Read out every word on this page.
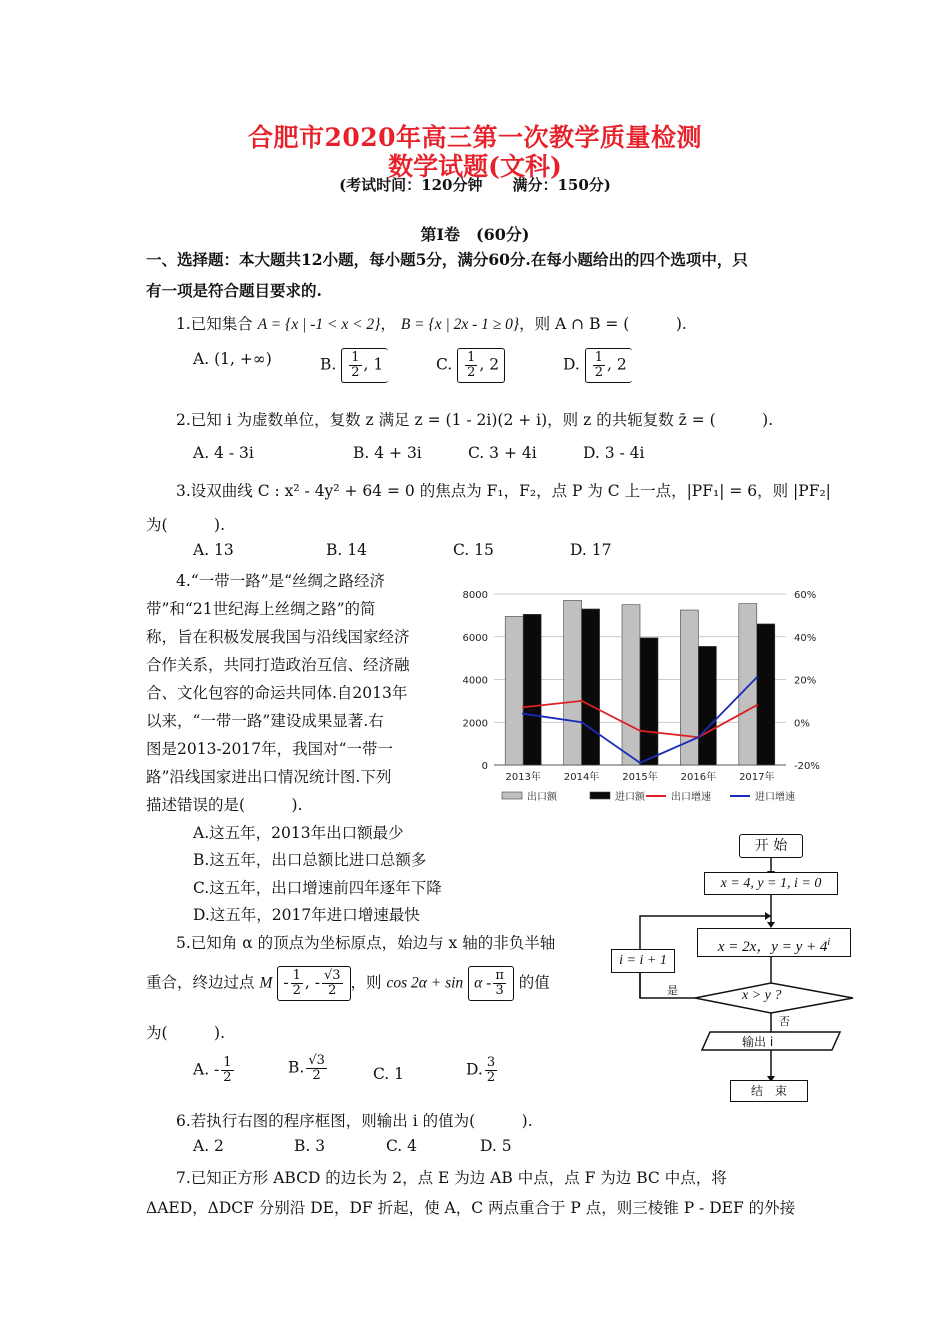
合肥市2020年高三第一次教学质量检测
数学试题(文科)
(考试时间：120分钟　　满分：150分)
第Ⅰ卷　(60分)
一、选择题：本大题共12小题，每小题5分，满分60分.在每小题给出的四个选项中，只
有一项是符合题目要求的.
1.已知集合 A = {x | -1 < x < 2}， B = {x | 2x - 1 ≥ 0}，则 A ∩ B = (　　　).
A. (1, +∞)	B. $\frac{1}{2}$ , 1	C. $\frac{1}{2}$ , 2	D. $\frac{1}{2}$ , 2
2.已知 i 为虚数单位，复数 z 满足 z = (1 - 2i)(2 + i)，则 z 的共轭复数 z̄ = (　　　).
A. 4 - 3i	B. 4 + 3i	C. 3 + 4i	D. 3 - 4i
3.设双曲线 C : x² - 4y² + 64 = 0 的焦点为 F₁，F₂，点 P 为 C 上一点，|PF₁| = 6，则 |PF₂|
为(　　　).
A. 13	B. 14	C. 15	D. 17
4.“一带一路”是“丝绸之路经济
带”和“21世纪海上丝绸之路”的简
称，旨在积极发展我国与沿线国家经济
合作关系，共同打造政治互信、经济融
合、文化包容的命运共同体.自2013年
以来，“一带一路”建设成果显著.右
图是2013-2017年，我国对“一带一
路”沿线国家进出口情况统计图.下列
描述错误的是(　　　).
A.这五年，2013年出口额最少
B.这五年，出口总额比进口总额多
C.这五年，出口增速前四年逐年下降
D.这五年，2017年进口增速最快
0	-20%
2000	0%
4000	20%
6000	40%
8000	60%
2013年 2014年 2015年 2016年 2017年
出口额	进口额	出口增速	进口增速
5.已知角 α 的顶点为坐标原点，始边与 x 轴的非负半轴
重合，终边过点 M - $\frac{1}{2}$ , - $\frac{√3}{2}$ ，则 $\cos 2\alpha + \sin \alpha - \frac{\pi}{3}$ 的值
为(　　　).
A. - $\frac{1}{2}$	B. $\frac{√3}{2}$	C. 1	D. $\frac{3}{2}$
6.若执行右图的程序框图，则输出 i 的值为(　　　).
A. 2	B. 3	C. 4	D. 5
7.已知正方形 ABCD 的边长为 2，点 E 为边 AB 中点，点 F 为边 BC 中点，将
ΔAED，ΔDCF 分别沿 DE，DF 折起，使 A，C 两点重合于 P 点，则三棱锥 P - DEF 的外接
开 始
x = 4, y = 1, i = 0
x = 2x，$y = y + 4^i$
i = i + 1
x > y ?
是
否
输出 i
结　束
